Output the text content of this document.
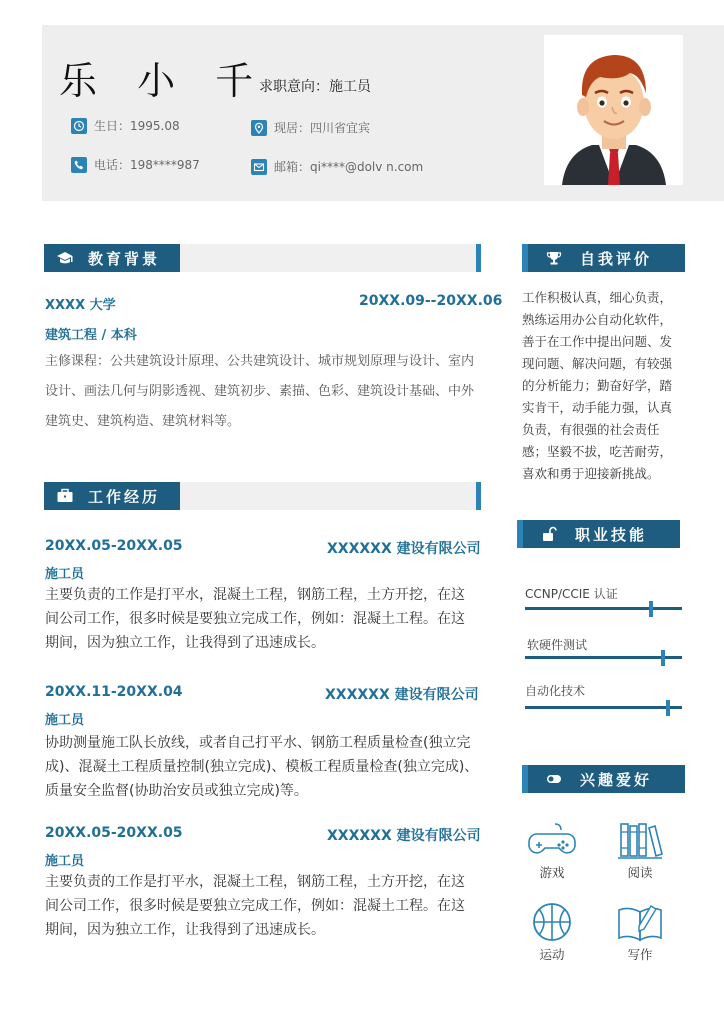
乐 小 千
求职意向：施工员
生日：1995.08	现居：四川省宜宾
电话：198****987	邮箱：qi****@dolv n.com
教育背景
XXXX 大学	20XX.09--20XX.06
建筑工程 / 本科
主修课程：公共建筑设计原理、公共建筑设计、城市规划原理与设计、室内
设计、画法几何与阴影透视、建筑初步、素描、色彩、建筑设计基础、中外
建筑史、建筑构造、建筑材料等。
工作经历
20XX.05-20XX.05	XXXXXX 建设有限公司
施工员
主要负责的工作是打平水，混凝土工程，钢筋工程，土方开挖，在这
间公司工作，很多时候是要独立完成工作，例如：混凝土工程。在这
期间，因为独立工作，让我得到了迅速成长。
20XX.11-20XX.04	XXXXXX 建设有限公司
施工员
协助测量施工队长放线，或者自己打平水、钢筋工程质量检查(独立完
成)、混凝土工程质量控制(独立完成)、模板工程质量检查(独立完成)、
质量安全监督(协助治安员或独立完成)等。
20XX.05-20XX.05	XXXXXX 建设有限公司
施工员
主要负责的工作是打平水，混凝土工程，钢筋工程，土方开挖，在这
间公司工作，很多时候是要独立完成工作，例如：混凝土工程。在这
期间，因为独立工作，让我得到了迅速成长。
自我评价
工作积极认真，细心负责，
熟练运用办公自动化软件，
善于在工作中提出问题、发
现问题、解决问题，有较强
的分析能力；勤奋好学，踏
实肯干，动手能力强，认真
负责，有很强的社会责任
感；坚毅不拔，吃苦耐劳，
喜欢和勇于迎接新挑战。
职业技能
CCNP/CCIE 认证
软硬件测试
自动化技术
兴趣爱好
游戏	阅读
运动	写作
